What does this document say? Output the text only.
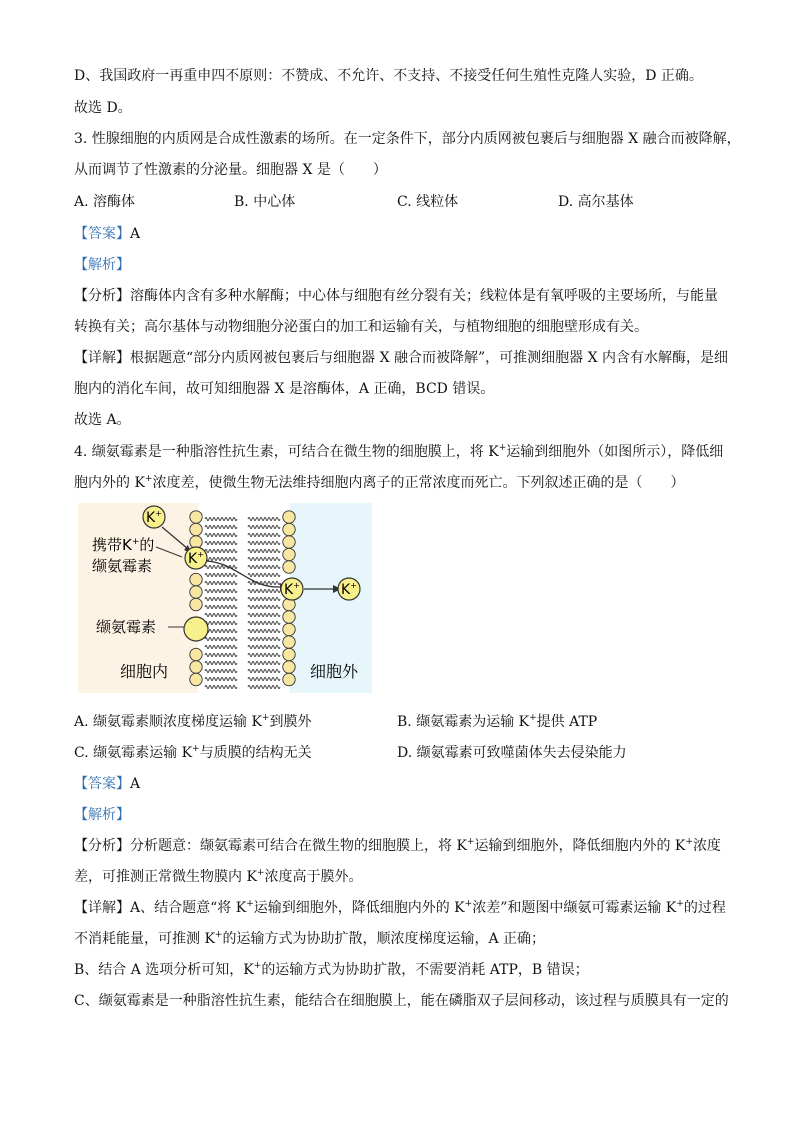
D、我国政府一再重申四不原则：不赞成、不允许、不支持、不接受任何生殖性克隆人实验，D 正确。
故选 D。
3. 性腺细胞的内质网是合成性激素的场所。在一定条件下，部分内质网被包裹后与细胞器 X 融合而被降解，
从而调节了性激素的分泌量。细胞器 X 是（　　）
A. 溶酶体	B. 中心体	C. 线粒体	D. 高尔基体
【答案】A
【解析】
【分析】溶酶体内含有多种水解酶；中心体与细胞有丝分裂有关；线粒体是有氧呼吸的主要场所，与能量
转换有关；高尔基体与动物细胞分泌蛋白的加工和运输有关，与植物细胞的细胞壁形成有关。
【详解】根据题意“部分内质网被包裹后与细胞器 X 融合而被降解”，可推测细胞器 X 内含有水解酶，是细
胞内的消化车间，故可知细胞器 X 是溶酶体，A 正确，BCD 错误。
故选 A。
4. 缬氨霉素是一种脂溶性抗生素，可结合在微生物的细胞膜上，将 K+运输到细胞外（如图所示），降低细
胞内外的 K+浓度差，使微生物无法维持细胞内离子的正常浓度而死亡。下列叙述正确的是（　　）
K+
K+
K+	K+
携带K+的
缬氨霉素
缬氨霉素
细胞内	细胞外
A. 缬氨霉素顺浓度梯度运输 K+到膜外	B. 缬氨霉素为运输 K+提供 ATP
C. 缬氨霉素运输 K+与质膜的结构无关	D. 缬氨霉素可致噬菌体失去侵染能力
【答案】A
【解析】
【分析】分析题意：缬氨霉素可结合在微生物的细胞膜上，将 K+运输到细胞外，降低细胞内外的 K+浓度
差，可推测正常微生物膜内 K+浓度高于膜外。
【详解】A、结合题意“将 K+运输到细胞外，降低细胞内外的 K+浓差”和题图中缬氨可霉素运输 K+的过程
不消耗能量，可推测 K+的运输方式为协助扩散，顺浓度梯度运输，A 正确；
B、结合 A 选项分析可知，K+的运输方式为协助扩散，不需要消耗 ATP，B 错误；
C、缬氨霉素是一种脂溶性抗生素，能结合在细胞膜上，能在磷脂双子层间移动，该过程与质膜具有一定的
